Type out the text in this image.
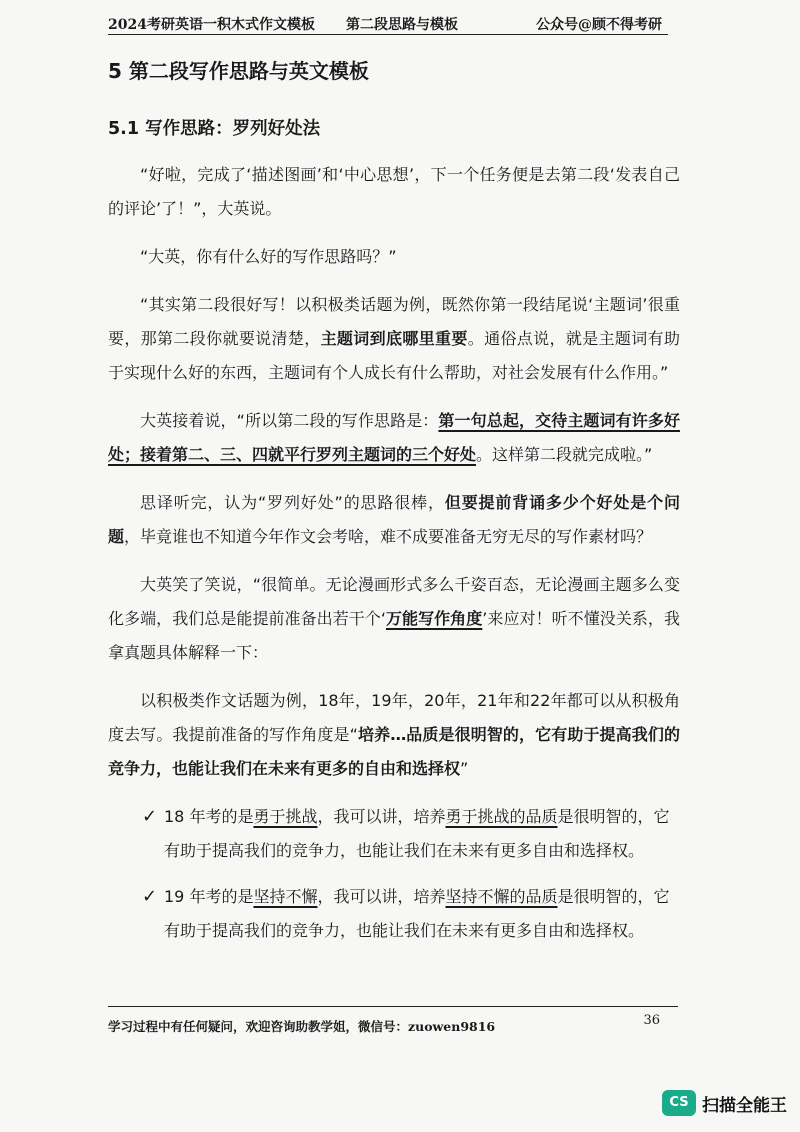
2024考研英语一积木式作文模板 第二段思路与模板	公众号@顾不得考研
5 第二段写作思路与英文模板
5.1 写作思路：罗列好处法

“好啦，完成了‘描述图画’和‘中心思想’，下一个任务便是去第二段‘发表自己的评论’了！”，大英说。

“大英，你有什么好的写作思路吗？”

“其实第二段很好写！以积极类话题为例，既然你第一段结尾说‘主题词’很重要，那第二段你就要说清楚，主题词到底哪里重要。通俗点说，就是主题词有助于实现什么好的东西，主题词有个人成长有什么帮助，对社会发展有什么作用。”

大英接着说，“所以第二段的写作思路是：第一句总起，交待主题词有许多好处；接着第二、三、四就平行罗列主题词的三个好处。这样第二段就完成啦。”

思译听完，认为“罗列好处”的思路很棒，但要提前背诵多少个好处是个问题，毕竟谁也不知道今年作文会考啥，难不成要准备无穷无尽的写作素材吗？

大英笑了笑说，“很简单。无论漫画形式多么千姿百态，无论漫画主题多么变化多端，我们总是能提前准备出若干个‘万能写作角度’来应对！听不懂没关系，我拿真题具体解释一下：

以积极类作文话题为例，18年，19年，20年，21年和22年都可以从积极角度去写。我提前准备的写作角度是“培养…品质是很明智的，它有助于提高我们的竞争力，也能让我们在未来有更多的自由和选择权”

✓ 18 年考的是勇于挑战，我可以讲，培养勇于挑战的品质是很明智的，它有助于提高我们的竞争力，也能让我们在未来有更多自由和选择权。
✓ 19 年考的是坚持不懈，我可以讲，培养坚持不懈的品质是很明智的，它有助于提高我们的竞争力，也能让我们在未来有更多自由和选择权。
学习过程中有任何疑问，欢迎咨询助教学姐，微信号：zuowen9816	36
CS 扫描全能王
